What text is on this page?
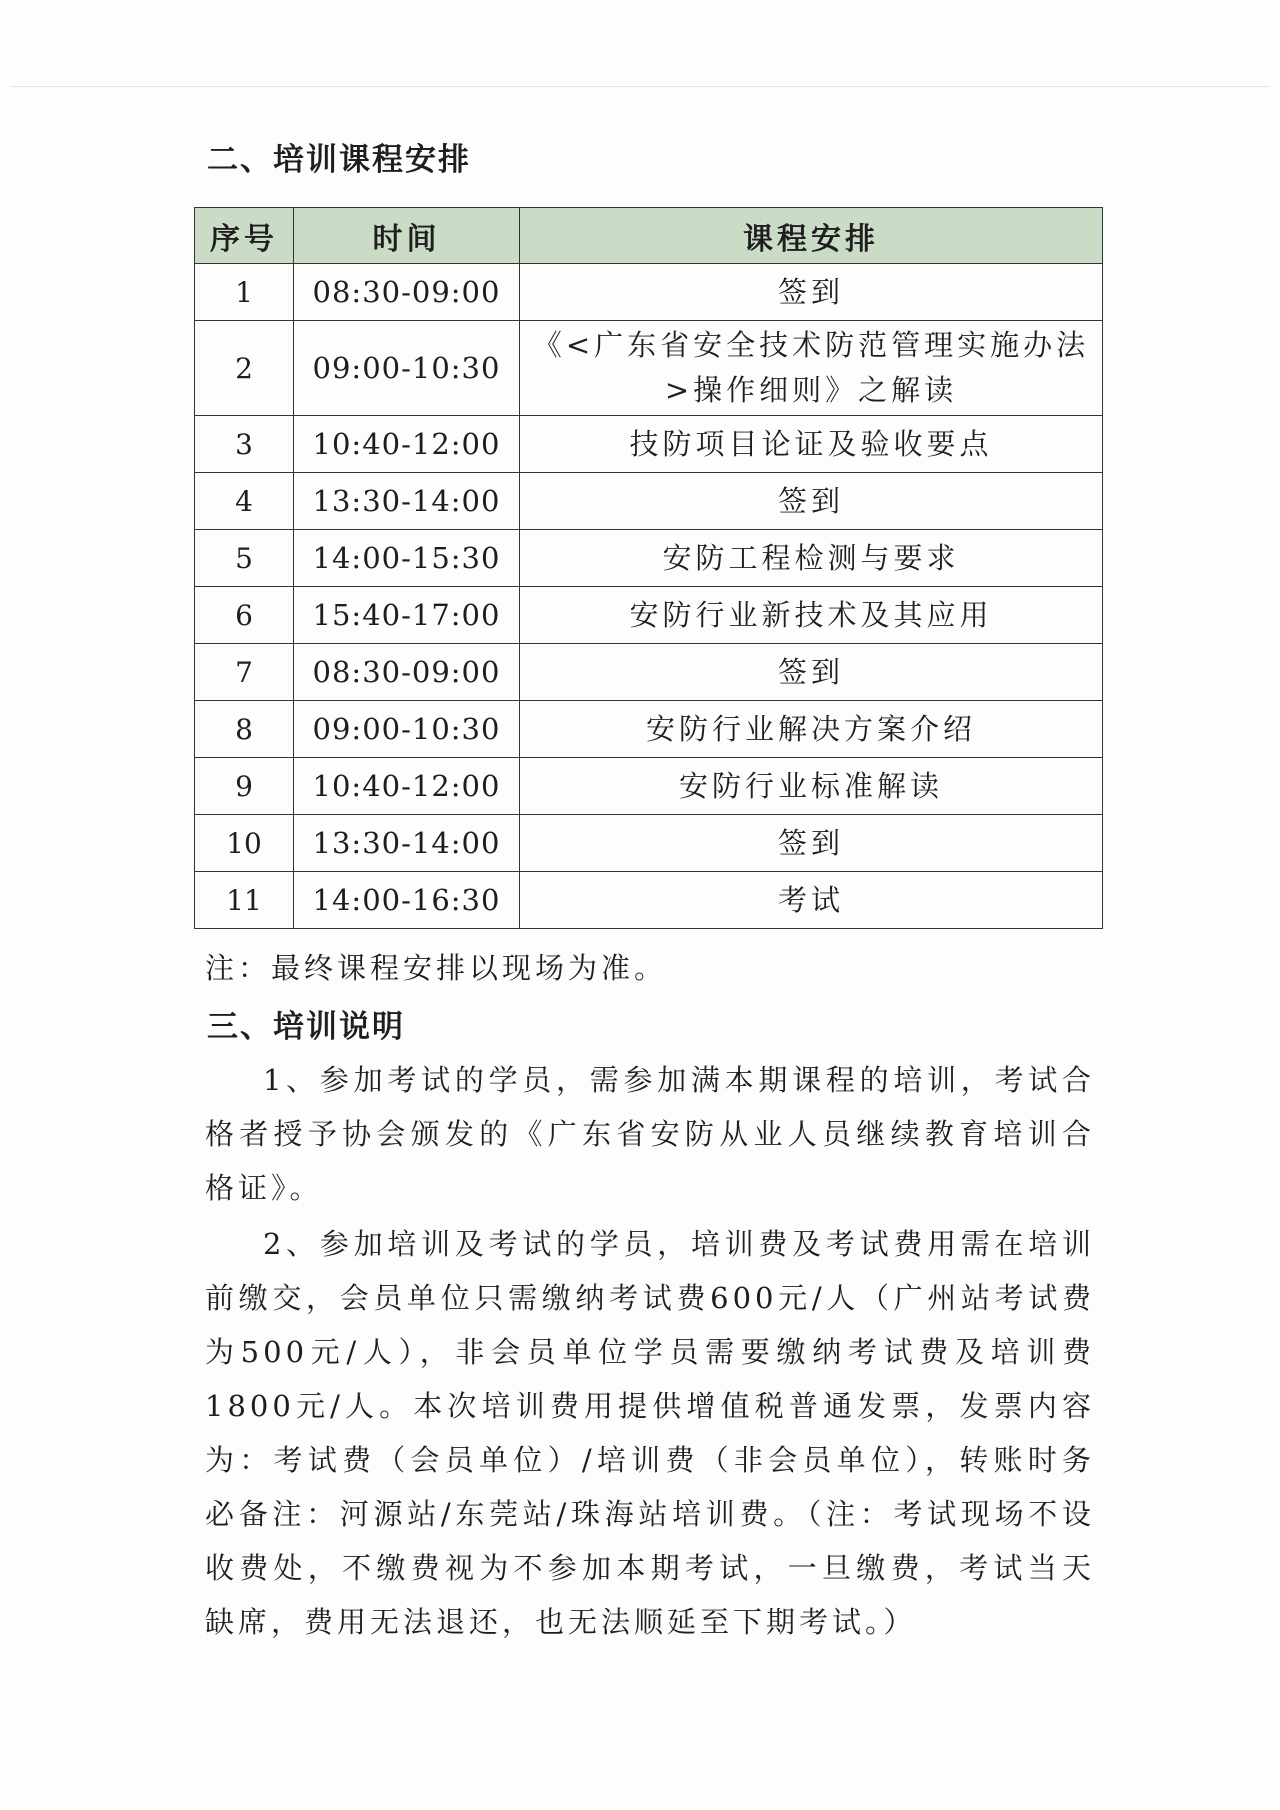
二、培训课程安排
序号	时间	课程安排
1	08:30-09:00	签到
2	09:00-10:30	《<广东省安全技术防范管理实施办法>操作细则》之解读
3	10:40-12:00	技防项目论证及验收要点
4	13:30-14:00	签到
5	14:00-15:30	安防工程检测与要求
6	15:40-17:00	安防行业新技术及其应用
7	08:30-09:00	签到
8	09:00-10:30	安防行业解决方案介绍
9	10:40-12:00	安防行业标准解读
10	13:30-14:00	签到
11	14:00-16:30	考试

注：最终课程安排以现场为准。

三、培训说明

1、参加考试的学员，需参加满本期课程的培训，考试合格者授予协会颁发的《广东省安防从业人员继续教育培训合格证》。

2、参加培训及考试的学员，培训费及考试费用需在培训前缴交，会员单位只需缴纳考试费600元/人（广州站考试费为500元/人），非会员单位学员需要缴纳考试费及培训费1800元/人。本次培训费用提供增值税普通发票，发票内容为：考试费（会员单位）/培训费（非会员单位），转账时务必备注：河源站/东莞站/珠海站培训费。（注：考试现场不设收费处，不缴费视为不参加本期考试，一旦缴费，考试当天缺席，费用无法退还，也无法顺延至下期考试。）
